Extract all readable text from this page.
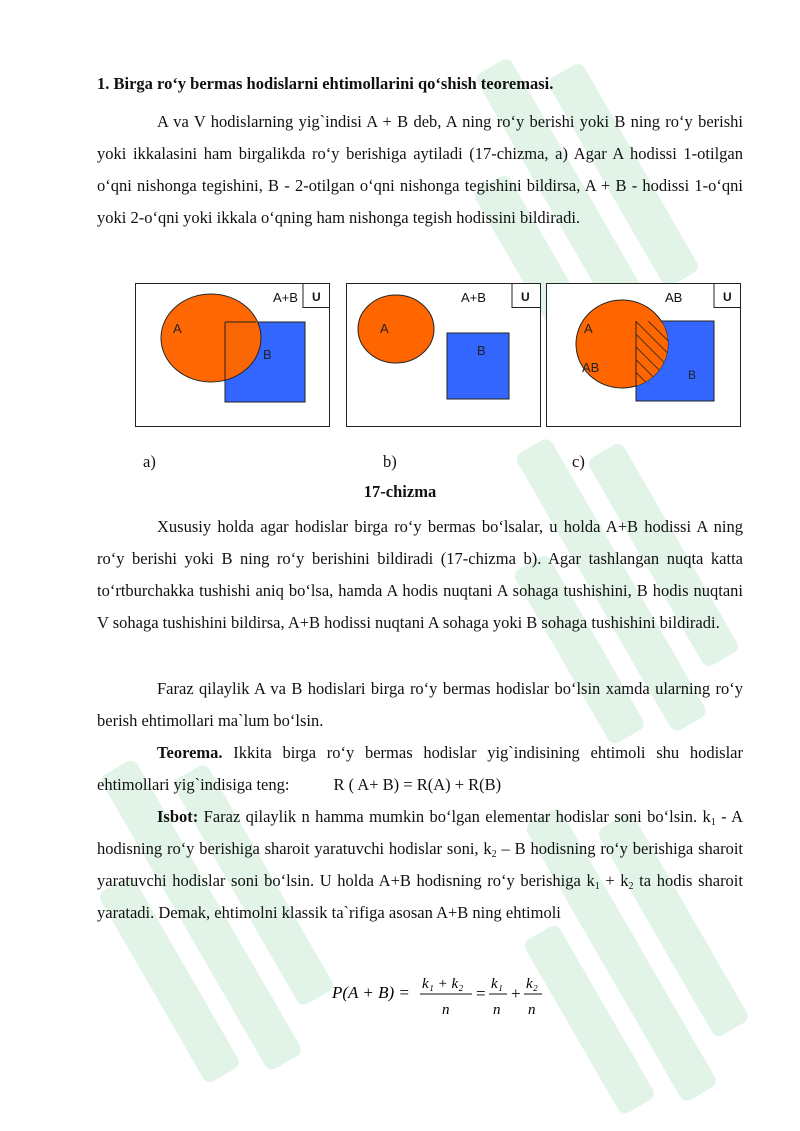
1. Birga roʻy bermas hodislarni ehtimollarini qoʻshish teoremasi.

A va V hodislarning yig`indisi A + B deb, A ning roʻy berishi yoki B ning roʻy berishi yoki ikkalasini ham birgalikda roʻy berishiga aytiladi (17-chizma, a) Agar A hodissi 1-otilgan oʻqni nishonga tegishini, B - 2-otilgan oʻqni nishonga tegishini bildirsa, A + B - hodissi 1-oʻqni yoki 2-oʻqni yoki ikkala oʻqning ham nishonga tegish hodissini bildiradi.

A+B U
A
B
A+B	U
A
B
AB	U
A
AB	B
a)	b)	c)
17-chizma

Xususiy holda agar hodislar birga roʻy bermas boʻlsalar, u holda A+B hodissi A ning roʻy berishi yoki B ning roʻy berishini bildiradi (17-chizma b). Agar tashlangan nuqta katta toʻrtburchakka tushishi aniq boʻlsa, hamda A hodis nuqtani A sohaga tushishini, B hodis nuqtani V sohaga tushishini bildirsa, A+B hodissi nuqtani A sohaga yoki B sohaga tushishini bildiradi.

Faraz qilaylik A va B hodislari birga roʻy bermas hodislar boʻlsin xamda ularning roʻy berish ehtimollari ma`lum boʻlsin.

Teorema. Ikkita birga roʻy bermas hodislar yig`indisining ehtimoli shu hodislar ehtimollari yig`indisiga teng:	R ( A+ B) = R(A) + R(B)

Isbot: Faraz qilaylik n hamma mumkin boʻlgan elementar hodislar soni boʻlsin. $k_1$ - A hodisning roʻy berishiga sharoit yaratuvchi hodislar soni, $k_2$ – B hodisning roʻy berishiga sharoit yaratuvchi hodislar soni boʻlsin. U holda A+B hodisning roʻy berishiga $k_1 + k_2$ ta hodis sharoit yaratadi. Demak, ehtimolni klassik ta`rifiga asosan A+B ning ehtimoli

P(A + B) = k₁ + k₂
n
= k₁
n
+ k₂
n
